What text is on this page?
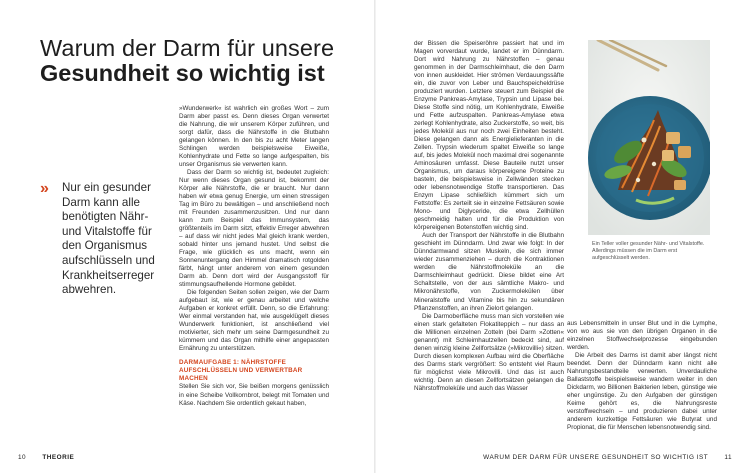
Warum der Darm für unsere
Gesundheit so wichtig ist
»	Nur ein gesunder Darm kann alle benötigten Nähr- und Vitalstoffe für den Organismus aufschlüsseln und Krankheitserreger abwehren.

»Wunderwerk« ist wahrlich ein großes Wort – zum Darm aber passt es. Denn dieses Organ verwertet die Nahrung, die wir unserem Körper zuführen, und sorgt dafür, dass die Nährstoffe in die Blutbahn gelangen können. In den bis zu acht Meter langen Schlingen werden beispielsweise Eiweiße, Kohlenhydrate und Fette so lange aufgespalten, bis unser Organismus sie verwerten kann.

Dass der Darm so wichtig ist, bedeutet zugleich: Nur wenn dieses Organ gesund ist, bekommt der Körper alle Nährstoffe, die er braucht. Nur dann haben wir etwa genug Energie, um einen stressigen Tag im Büro zu bewältigen – und anschließend noch mit Freunden zusammenzusitzen. Und nur dann kann zum Beispiel das Immunsystem, das größtenteils im Darm sitzt, effektiv Erreger abwehren – auf dass wir nicht jedes Mal gleich krank werden, sobald hinter uns jemand hustet. Und selbst die Frage, wie glücklich es uns macht, wenn ein Sonnenuntergang den Himmel dramatisch rotgolden färbt, hängt unter anderem von einem gesunden Darm ab. Denn dort wird der Ausgangsstoff für stimmungsaufhellende Hormone gebildet.

Die folgenden Seiten sollen zeigen, wie der Darm aufgebaut ist, wie er genau arbeitet und welche Aufgaben er konkret erfüllt. Denn, so die Erfahrung: Wer einmal verstanden hat, wie ausgeklügelt dieses Wunderwerk funktioniert, ist anschließend viel motivierter, sich mehr um seine Darmgesundheit zu kümmern und das Organ mithilfe einer angepassten Ernährung zu unterstützen.

DARMAUFGABE 1: NÄHRSTOFFE AUFSCHLÜSSELN UND VERWERTBAR MACHEN

Stellen Sie sich vor, Sie beißen morgens genüsslich in eine Scheibe Vollkornbrot, belegt mit Tomaten und Käse. Nachdem Sie ordentlich gekaut haben,

der Bissen die Speiseröhre passiert hat und im Magen vorverdaut wurde, landet er im Dünndarm. Dort wird Nahrung zu Nährstoffen – genau genommen in der Darmschleimhaut, die den Darm von innen auskleidet. Hier strömen Verdauungssäfte ein, die zuvor von Leber und Bauchspeicheldrüse produziert wurden. Letztere steuert zum Beispiel die Enzyme Pankreas-Amylase, Trypsin und Lipase bei. Diese Stoffe sind nötig, um Kohlenhydrate, Eiweiße und Fette aufzuspalten. Pankreas-Amylase etwa zerlegt Kohlenhydrate, also Zuckerstoffe, so weit, bis jedes Molekül aus nur noch zwei Einheiten besteht. Diese gelangen dann als Energielieferanten in die Zellen. Trypsin wiederum spaltet Eiweiße so lange auf, bis jedes Molekül noch maximal drei sogenannte Aminosäuren umfasst. Diese Bauteile nutzt unser Organismus, um daraus körpereigene Proteine zu basteln, die beispielsweise in Zellwänden stecken oder lebensnotwendige Stoffe transportieren. Das Enzym Lipase schließlich kümmert sich um Fettstoffe: Es zerteilt sie in einzelne Fettsäuren sowie Mono- und Diglyceride, die etwa Zellhüllen geschmeidig halten und für die Produktion von körpereigenen Botenstoffen wichtig sind.

Auch der Transport der Nährstoffe in die Blutbahn geschieht im Dünndarm. Und zwar wie folgt: In der Dünndarmwand sitzen Muskeln, die sich immer wieder zusammenziehen – durch die Kontraktionen werden die Nährstoffmoleküle an die Darmschleimhaut gedrückt. Diese bildet eine Art Schaltstelle, von der aus sämtliche Makro- und Mikronährstoffe, von Zuckermolekülen über Mineralstoffe und Vitamine bis hin zu sekundären Pflanzenstoffen, an ihren Zielort gelangen.

Die Darmoberfläche muss man sich vorstellen wie einen stark gefalteten Flokatiteppich – nur dass an die Millionen einzelnen Zotteln (bei Darm »Zotten« genannt) mit Schleimhautzellen bedeckt sind, auf denen winzig kleine Zellfortsätze (»Mikrovilli«) sitzen. Durch diesen komplexen Aufbau wird die Oberfläche des Darms stark vergrößert: So entsteht viel Raum für möglichst viele Mikrovilli. Und das ist auch wichtig. Denn an diesen Zellfortsätzen gelangen die Nährstoffmoleküle und auch das Wasser

Ein Teller voller gesunder Nähr- und Vitalstoffe. Allerdings müssen die im Darm erst aufgeschlüsselt werden.

aus Lebensmitteln in unser Blut und in die Lymphe, von wo aus sie von den übrigen Organen in die einzelnen Stoffwechselprozesse eingebunden werden.

Die Arbeit des Darms ist damit aber längst nicht beendet. Denn der Dünndarm kann nicht alle Nahrungsbestandteile verwerten. Unverdauliche Ballaststoffe beispielsweise wandern weiter in den Dickdarm, wo Billionen Bakterien leben, günstige wie eher ungünstige. Zu den Aufgaben der günstigen Keime gehört es, die Nahrungsreste verstoffwechseln – und produzieren dabei unter anderem kurzkettige Fettsäuren wie Butyrat und Propionat, die für Menschen lebensnotwendig sind.

10	THEORIE	WARUM DER DARM FÜR UNSERE GESUNDHEIT SO WICHTIG IST	11
